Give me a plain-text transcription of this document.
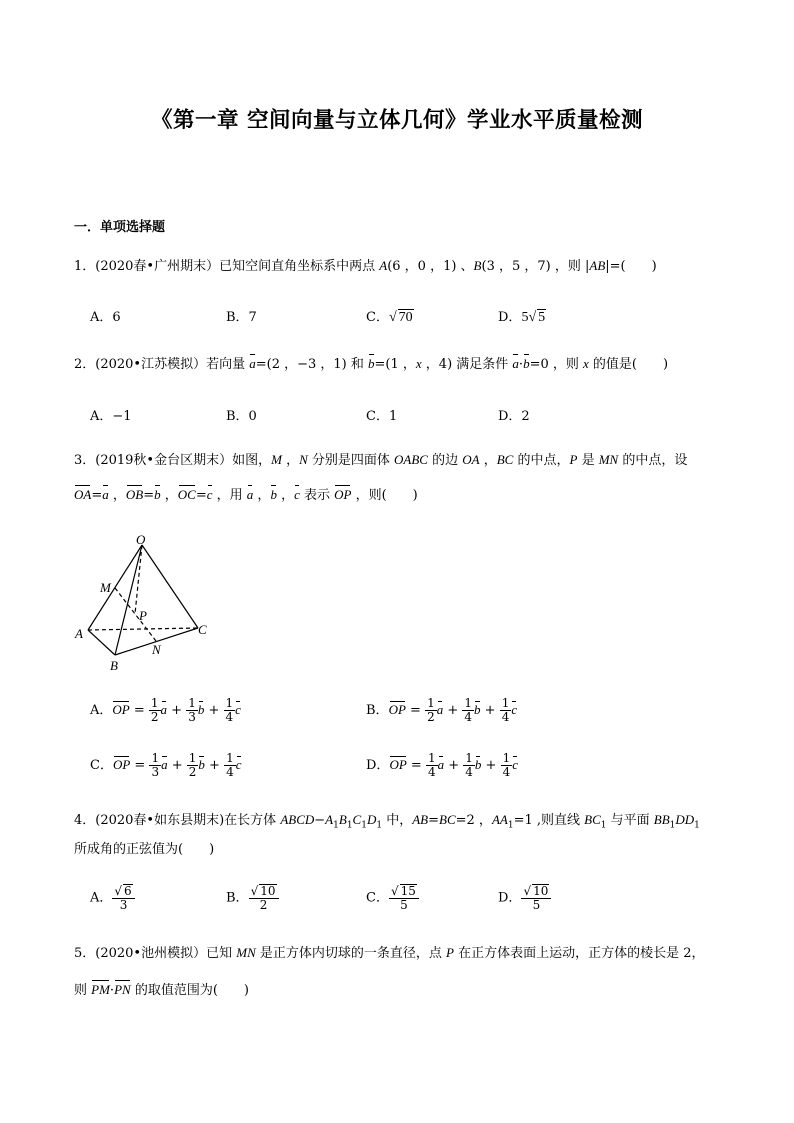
《第一章 空间向量与立体几何》学业水平质量检测
一．单项选择题
1．(2020春•广州期末）已知空间直角坐标系中两点 A(6 ，0 ，1) 、B(3 ，5 ，7) ，则 |AB|=(　　)
A．6	B．7	C．√ 70	D．5√ 5
2．(2020•江苏模拟）若向量 a=(2 ，−3 ，1) 和 b=(1 ，x ，4) 满足条件 a·b=0 ，则 x 的值是(　　)
A．−1	B．0	C．1	D．2
3．(2019秋•金台区期末）如图，M ，N 分别是四面体 OABC 的边 OA ，BC 的中点，P 是 MN 的中点，设
OA=a ，OB=b ，OC=c ，用 a ，b ，c 表示 OP ，则(　　)
O
M
P
A	C
N
B
A．OP = $\frac{1}{2}$ $a + \frac{1}{3}$ $b + \frac{1}{4}$ c	B．OP = $\frac{1}{2}$ $a + \frac{1}{4}$ $b + \frac{1}{4}$ c
C．OP = $\frac{1}{3}$ $a + \frac{1}{2}$ $b + \frac{1}{4}$ c	D．OP = $\frac{1}{4}$ $a + \frac{1}{4}$ $b + \frac{1}{4}$ c
4．(2020春•如东县期末)在长方体 $ABCD-A_1B_1C_1D_1$ 中，AB=BC=2 ，$AA_1=1$ ,则直线 $BC_1$ 与平面 $BB_1DD_1$
所成角的正弦值为(　　)
A． $\frac{√ 6}{3}$	B． $\frac{√ 10}{2}$	C． $\frac{√ 15}{5}$	D． $\frac{√ 10}{5}$
5．(2020•池州模拟）已知 MN 是正方体内切球的一条直径，点 P 在正方体表面上运动，正方体的棱长是 2，
则 PM·PN 的取值范围为(　　)
